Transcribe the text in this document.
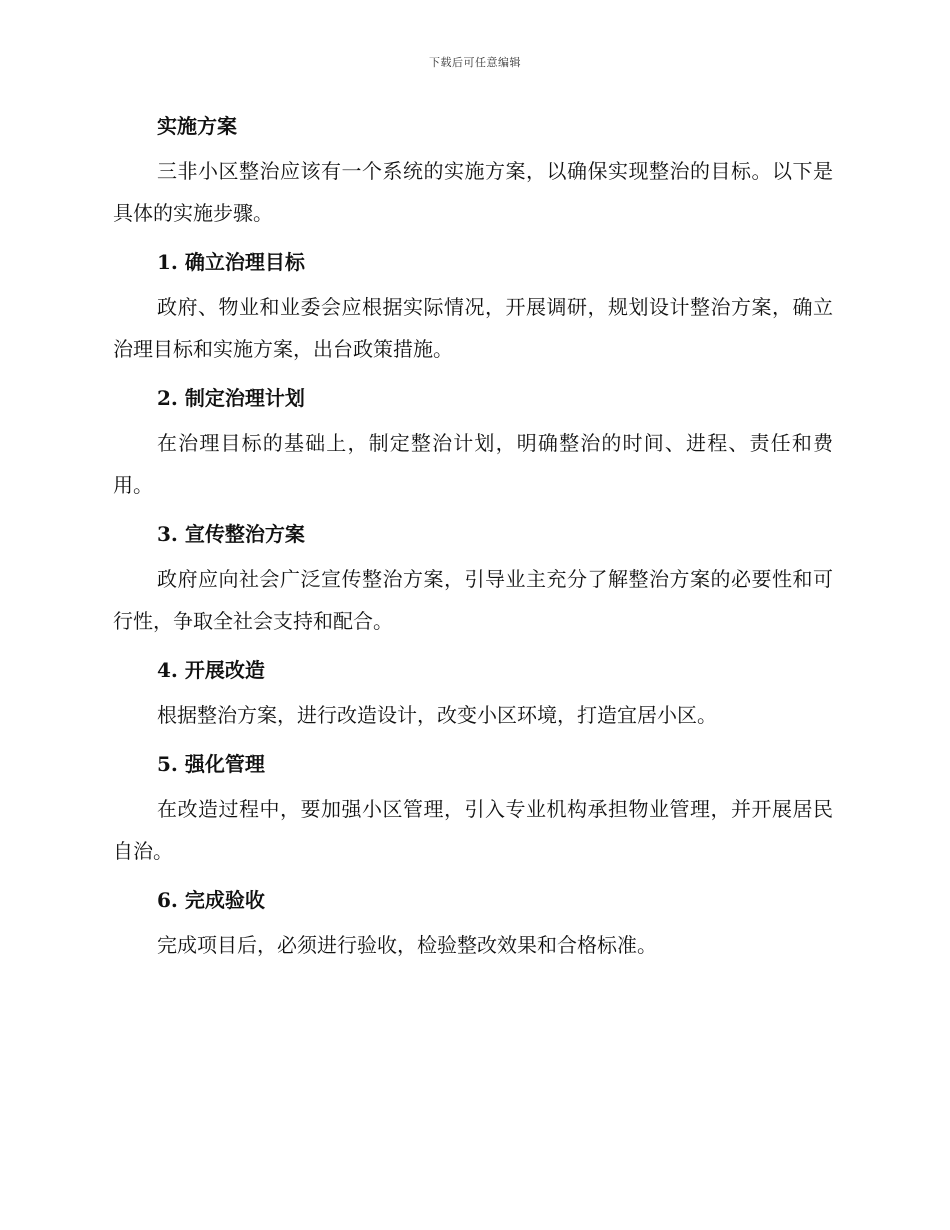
下载后可任意编辑
实施方案

三非小区整治应该有一个系统的实施方案，以确保实现整治的目标。以下是具体的实施步骤。

1. 确立治理目标

政府、物业和业委会应根据实际情况，开展调研，规划设计整治方案，确立治理目标和实施方案，出台政策措施。

2. 制定治理计划

在治理目标的基础上，制定整治计划，明确整治的时间、进程、责任和费用。

3. 宣传整治方案

政府应向社会广泛宣传整治方案，引导业主充分了解整治方案的必要性和可行性，争取全社会支持和配合。

4. 开展改造

根据整治方案，进行改造设计，改变小区环境，打造宜居小区。

5. 强化管理

在改造过程中，要加强小区管理，引入专业机构承担物业管理，并开展居民自治。

6. 完成验收

完成项目后，必须进行验收，检验整改效果和合格标准。
